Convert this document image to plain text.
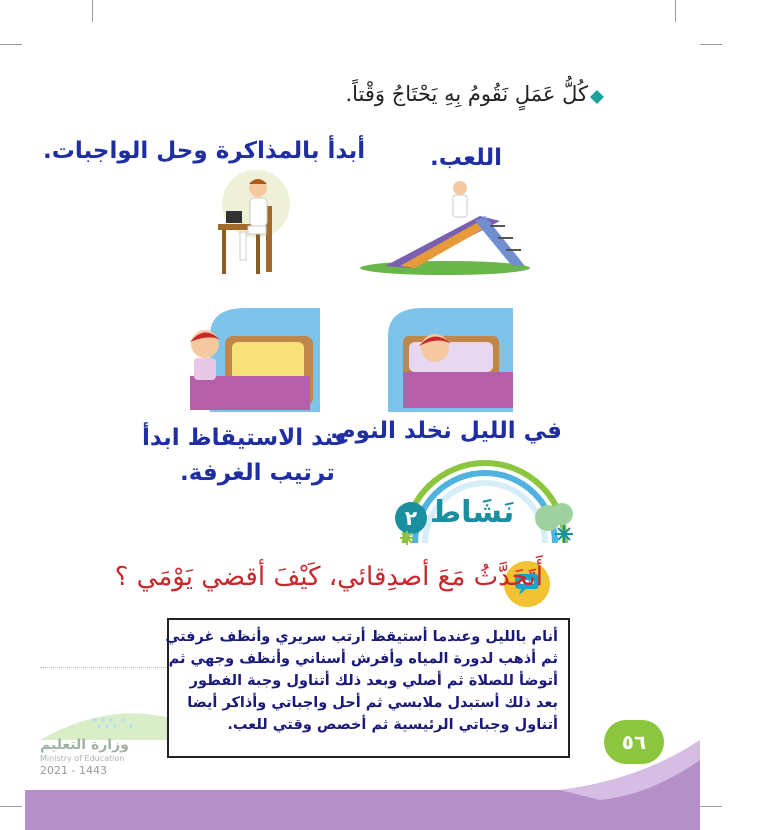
كُلُّ عَمَلٍ نَقُومُ بِهِ يَحْتَاجُ وَقْتاً.
أبدأ بالمذاكرة وحل الواجبات.	اللعب.
في الليل نخلد النوم.
عند الاستيقاظ ابدأ
ترتيب الغرفة.
٢ نَشَاط
أَتَحَدَّثُ مَعَ أصدِقائي، كَيْفَ أقضي يَوْمَي ؟
أنام بالليل وعندما أستيقظ أرتب سريري وأنظف غرفتي
ثم أذهب لدورة المياه وأفرش أسناني وأنظف وجهي ثم
أتوضأ للصلاة ثم أصلي وبعد ذلك أتناول وجبة الفطور
بعد ذلك أستبدل ملابسي ثم أحل واجباتي وأذاكر أيضا
أتناول وجباتي الرئيسية ثم أخصص وقتي للعب.
٥٦
وزارة التعليم
Ministry of Education
2021 - 1443
